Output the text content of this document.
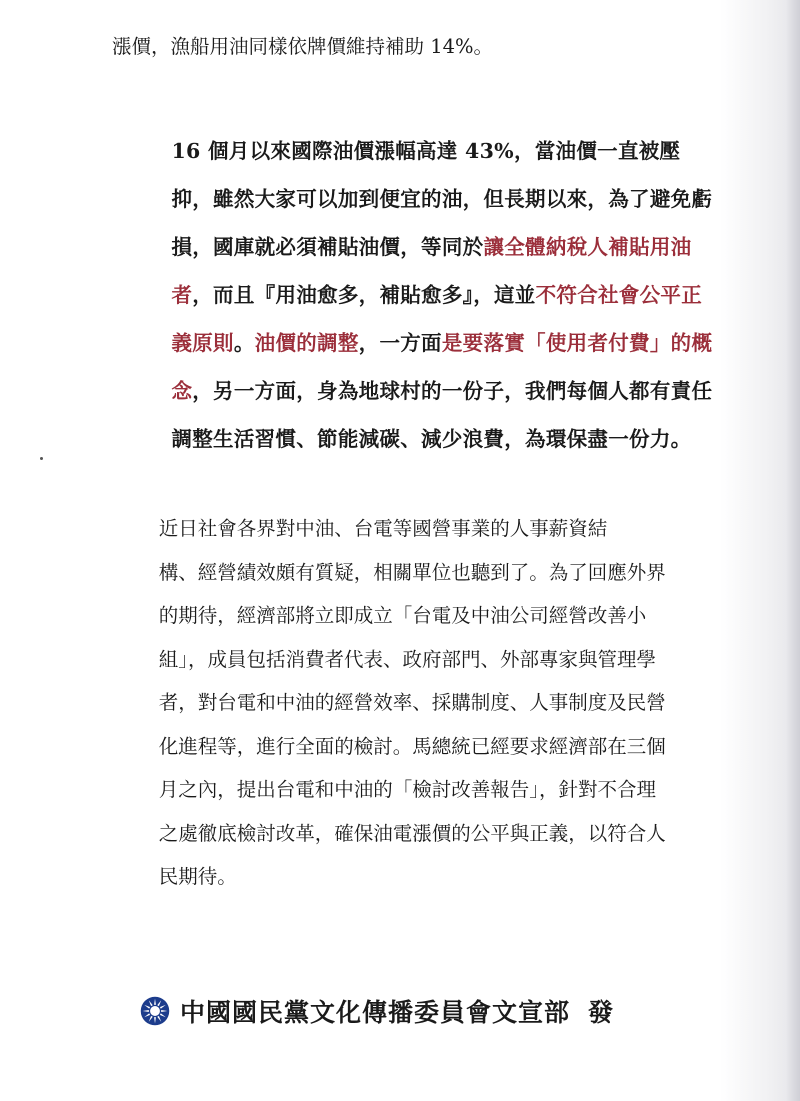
漲價，漁船用油同樣依牌價維持補助 14%。

16 個月以來國際油價漲幅高達 43%，當油價一直被壓
抑，雖然大家可以加到便宜的油，但長期以來，為了避免虧
損，國庫就必須補貼油價，等同於讓全體納稅人補貼用油
者，而且『用油愈多，補貼愈多』，這並不符合社會公平正
義原則。油價的調整，一方面是要落實「使用者付費」的概
念，另一方面，身為地球村的一份子，我們每個人都有責任
調整生活習慣、節能減碳、減少浪費，為環保盡一份力。

近日社會各界對中油、台電等國營事業的人事薪資結
構、經營績效頗有質疑，相關單位也聽到了。為了回應外界
的期待，經濟部將立即成立「台電及中油公司經營改善小
組」，成員包括消費者代表、政府部門、外部專家與管理學
者，對台電和中油的經營效率、採購制度、人事制度及民營
化進程等，進行全面的檢討。馬總統已經要求經濟部在三個
月之內，提出台電和中油的「檢討改善報告」，針對不合理
之處徹底檢討改革，確保油電漲價的公平與正義，以符合人
民期待。

中國國民黨文化傳播委員會文宣部 發
